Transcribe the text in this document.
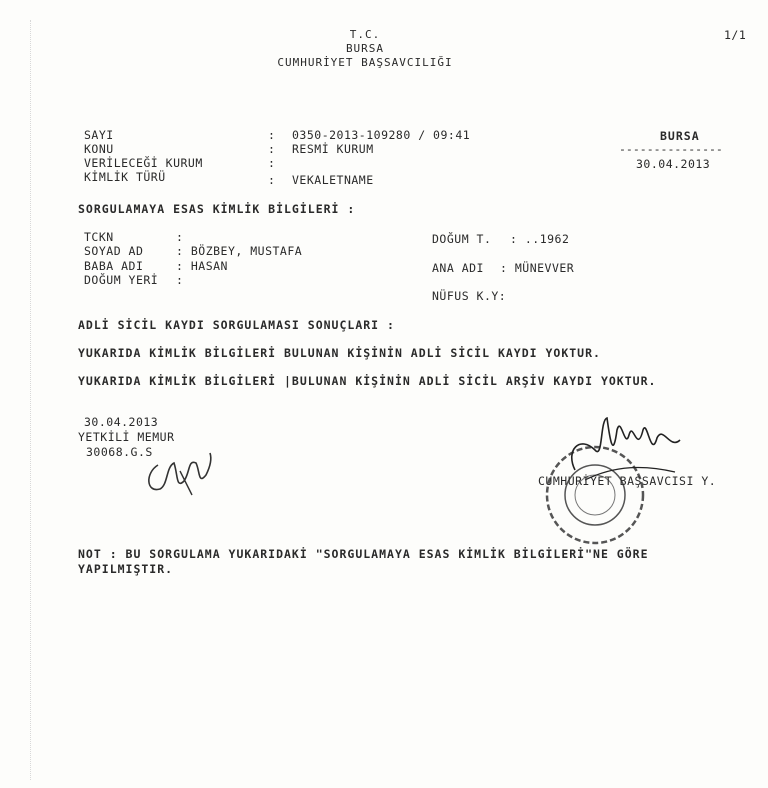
1/1
T.C.
BURSA
CUMHURİYET BAŞSAVCILIĞI
BURSA
---------------
30.04.2013
SAYI	: 0350-2013-109280 / 09:41
KONU	: RESMİ KURUM
VERİLECEĞİ KURUM	:
KİMLİK TÜRÜ	: VEKALETNAME
SORGULAMAYA ESAS KİMLİK BİLGİLERİ :
TCKN	:
SOYAD AD	: BÖZBEY, MUSTAFA
BABA ADI	: HASAN
DOĞUM YERİ :
DOĞUM T. : ..1962
ANA ADI : MÜNEVVER
NÜFUS K.Y:
ADLİ SİCİL KAYDI SORGULAMASI SONUÇLARI :
YUKARIDA KİMLİK BİLGİLERİ BULUNAN KİŞİNİN ADLİ SİCİL KAYDI YOKTUR.
YUKARIDA KİMLİK BİLGİLERİ |BULUNAN KİŞİNİN ADLİ SİCİL ARŞİV KAYDI YOKTUR.
30.04.2013
YETKİLİ MEMUR
30068.G.S
CUMHURİYET BAŞSAVCISI Y.
NOT : BU SORGULAMA YUKARIDAKİ "SORGULAMAYA ESAS KİMLİK BİLGİLERİ"NE GÖRE
YAPILMIŞTIR.
